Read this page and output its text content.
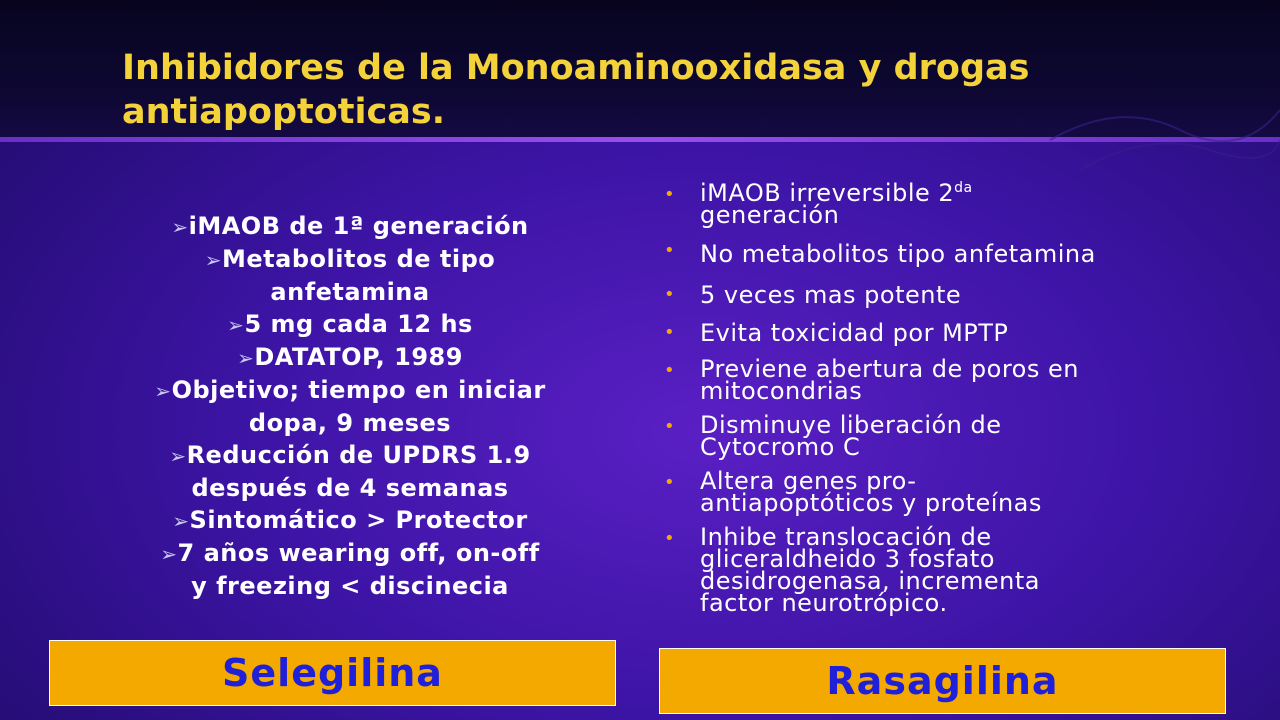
Inhibidores de la Monoaminooxidasa y drogas
antiapoptoticas.
➢iMAOB de 1ª generación
➢Metabolitos de tipo
anfetamina
➢5 mg cada 12 hs
➢DATATOP, 1989
➢Objetivo; tiempo en iniciar
dopa, 9 meses
➢Reducción de UPDRS 1.9
después de 4 semanas
➢Sintomático > Protector
➢7 años wearing off, on-off
y freezing < discinecia
• iMAOB irreversible $2^{da}$
generación
• No metabolitos tipo anfetamina
• 5 veces mas potente
• Evita toxicidad por MPTP
• Previene abertura de poros en
mitocondrias
• Disminuye liberación de
Cytocromo C
• Altera genes pro-
antiapoptóticos y proteínas
• Inhibe translocación de
gliceraldheido 3 fosfato
desidrogenasa, incrementa
factor neurotrópico.
Selegilina	Rasagilina
